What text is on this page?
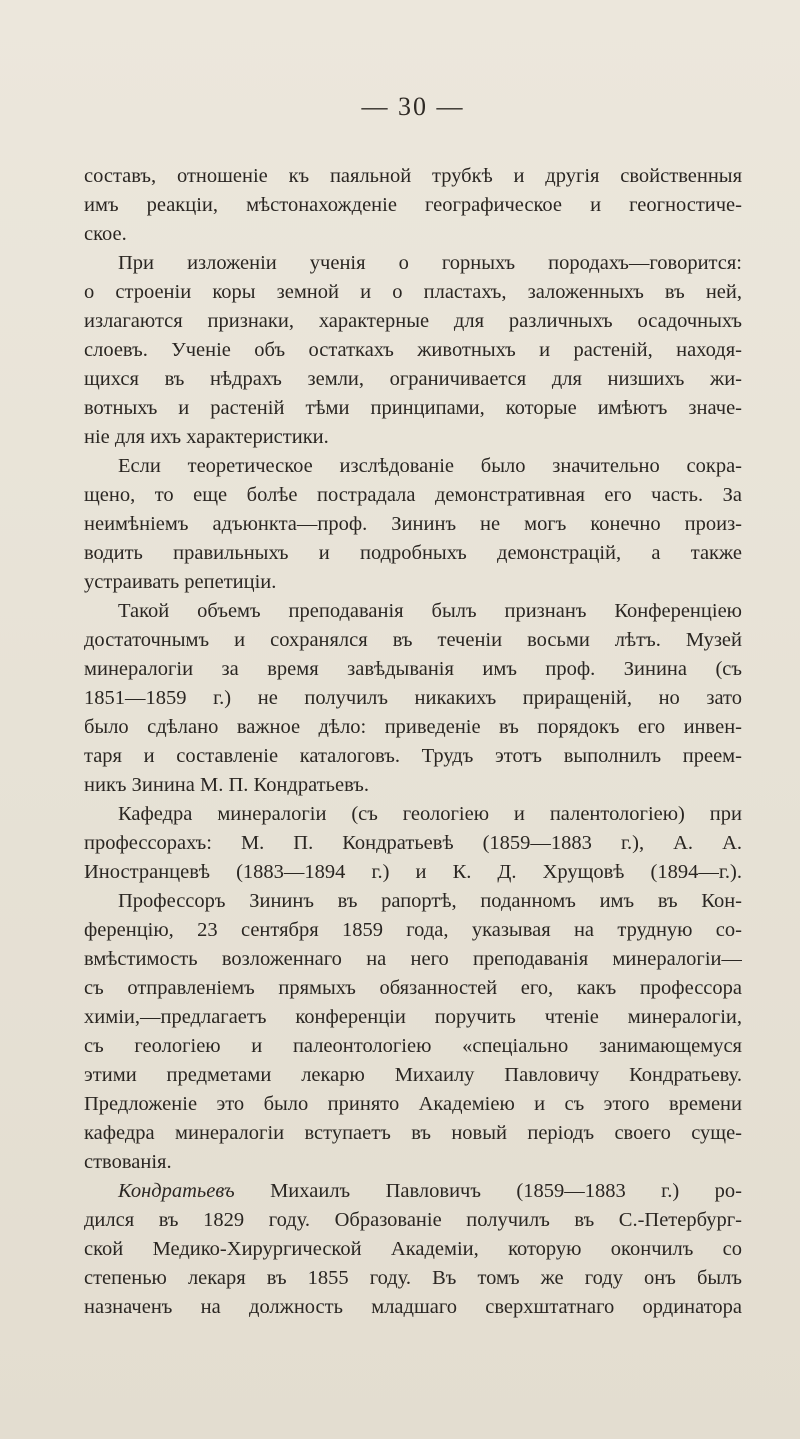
— 30 —
составъ, отношеніе къ паяльной трубкѣ и другія свойственныя
имъ реакціи, мѣстонахожденіе географическое и геогностиче-
ское.
При изложеніи ученія о горныхъ породахъ—говорится:
о строеніи коры земной и о пластахъ, заложенныхъ въ ней,
излагаются признаки, характерные для различныхъ осадочныхъ
слоевъ. Ученіе объ остаткахъ животныхъ и растеній, находя-
щихся въ нѣдрахъ земли, ограничивается для низшихъ жи-
вотныхъ и растеній тѣми принципами, которые имѣютъ значе-
ніе для ихъ характеристики.
Если теоретическое изслѣдованіе было значительно сокра-
щено, то еще болѣе пострадала демонстративная его часть. За
неимѣніемъ адъюнкта—проф. Зининъ не могъ конечно произ-
водить правильныхъ и подробныхъ демонстрацій, а также
устраивать репетиціи.
Такой объемъ преподаванія былъ признанъ Конференціею
достаточнымъ и сохранялся въ теченіи восьми лѣтъ. Музей
минералогіи за время завѣдыванія имъ проф. Зинина (съ
1851—1859 г.) не получилъ никакихъ приращеній, но зато
было сдѣлано важное дѣло: приведеніе въ порядокъ его инвен-
таря и составленіе каталоговъ. Трудъ этотъ выполнилъ преем-
никъ Зинина М. П. Кондратьевъ.
Кафедра минералогіи (съ геологіею и палентологіею) при
профессорахъ: М. П. Кондратьевѣ (1859—1883 г.), А. А.
Иностранцевѣ (1883—1894 г.) и К. Д. Хрущовѣ (1894—г.).
Профессоръ Зининъ въ рапортѣ, поданномъ имъ въ Кон-
ференцію, 23 сентября 1859 года, указывая на трудную со-
вмѣстимость возложеннаго на него преподаванія минералогіи—
съ отправленіемъ прямыхъ обязанностей его, какъ профессора
химіи,—предлагаетъ конференціи поручить чтеніе минералогіи,
съ геологіею и палеонтологіею «спеціально занимающемуся
этими предметами лекарю Михаилу Павловичу Кондратьеву.
Предложеніе это было принято Академіею и съ этого времени
кафедра минералогіи вступаетъ въ новый періодъ своего суще-
ствованія.
Кондратьевъ Михаилъ Павловичъ (1859—1883 г.) ро-
дился въ 1829 году. Образованіе получилъ въ С.-Петербург-
ской Медико-Хирургической Академіи, которую окончилъ со
степенью лекаря въ 1855 году. Въ томъ же году онъ былъ
назначенъ на должность младшаго сверхштатнаго ординатора
